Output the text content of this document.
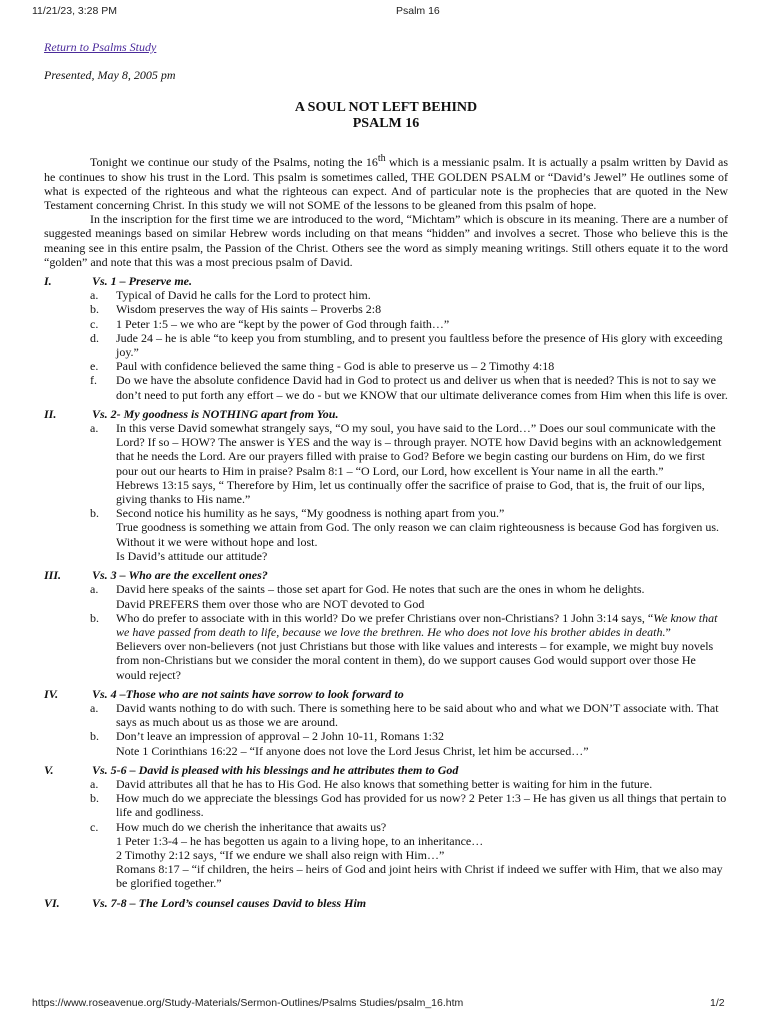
11/21/23, 3:28 PM	Psalm 16
Return to Psalms Study
Presented, May 8, 2005 pm
A SOUL NOT LEFT BEHIND
PSALM 16
Tonight we continue our study of the Psalms, noting the 16th which is a messianic psalm. It is actually a psalm written by David as he continues to show his trust in the Lord. This psalm is sometimes called, THE GOLDEN PSALM or “David’s Jewel” He outlines some of what is expected of the righteous and what the righteous can expect. And of particular note is the prophecies that are quoted in the New Testament concerning Christ. In this study we will not SOME of the lessons to be gleaned from this psalm of hope.
In the inscription for the first time we are introduced to the word, “Michtam” which is obscure in its meaning. There are a number of suggested meanings based on similar Hebrew words including on that means “hidden” and involves a secret. Those who believe this is the meaning see in this entire psalm, the Passion of the Christ. Others see the word as simply meaning writings. Still others equate it to the word “golden” and note that this was a most precious psalm of David.
I.	Vs. 1 – Preserve me.
a.	Typical of David he calls for the Lord to protect him.
b.	Wisdom preserves the way of His saints – Proverbs 2:8
c.	1 Peter 1:5 – we who are “kept by the power of God through faith…”
d.	Jude 24 – he is able “to keep you from stumbling, and to present you faultless before the presence of His glory with exceeding joy.”
e.	Paul with confidence believed the same thing - God is able to preserve us – 2 Timothy 4:18
f.	Do we have the absolute confidence David had in God to protect us and deliver us when that is needed? This is not to say we don’t need to put forth any effort – we do - but we KNOW that our ultimate deliverance comes from Him when this life is over.
II.	Vs. 2- My goodness is NOTHING apart from You.
a.	In this verse David somewhat strangely says, “O my soul, you have said to the Lord…” Does our soul communicate with the Lord? If so – HOW? The answer is YES and the way is – through prayer. NOTE how David begins with an acknowledgement that he needs the Lord. Are our prayers filled with praise to God? Before we begin casting our burdens on Him, do we first pour out our hearts to Him in praise? Psalm 8:1 – “O Lord, our Lord, how excellent is Your name in all the earth.”
Hebrews 13:15 says, “ Therefore by Him, let us continually offer the sacrifice of praise to God, that is, the fruit of our lips, giving thanks to His name.”
b.	Second notice his humility as he says, “My goodness is nothing apart from you.”
True goodness is something we attain from God. The only reason we can claim righteousness is because God has forgiven us. Without it we were without hope and lost.
Is David’s attitude our attitude?
III.	Vs. 3 – Who are the excellent ones?
a.	David here speaks of the saints – those set apart for God. He notes that such are the ones in whom he delights.
David PREFERS them over those who are NOT devoted to God
b.	Who do prefer to associate with in this world? Do we prefer Christians over non-Christians? 1 John 3:14 says, “We know that we have passed from death to life, because we love the brethren. He who does not love his brother abides in death.”
Believers over non-believers (not just Christians but those with like values and interests – for example, we might buy novels from non-Christians but we consider the moral content in them), do we support causes God would support over those He would reject?
IV.	Vs. 4 –Those who are not saints have sorrow to look forward to
a.	David wants nothing to do with such. There is something here to be said about who and what we DON’T associate with. That says as much about us as those we are around.
b.	Don’t leave an impression of approval – 2 John 10-11, Romans 1:32
Note 1 Corinthians 16:22 – “If anyone does not love the Lord Jesus Christ, let him be accursed…”
V.	Vs. 5-6 – David is pleased with his blessings and he attributes them to God
a.	David attributes all that he has to His God. He also knows that something better is waiting for him in the future.
b.	How much do we appreciate the blessings God has provided for us now? 2 Peter 1:3 – He has given us all things that pertain to life and godliness.
c.	How much do we cherish the inheritance that awaits us?
1 Peter 1:3-4 – he has begotten us again to a living hope, to an inheritance…
2 Timothy 2:12 says, “If we endure we shall also reign with Him…”
Romans 8:17 – “if children, the heirs – heirs of God and joint heirs with Christ if indeed we suffer with Him, that we also may be glorified together.”
VI.	Vs. 7-8 – The Lord’s counsel causes David to bless Him
https://www.roseavenue.org/Study-Materials/Sermon-Outlines/Psalms Studies/psalm_16.htm	1/2
